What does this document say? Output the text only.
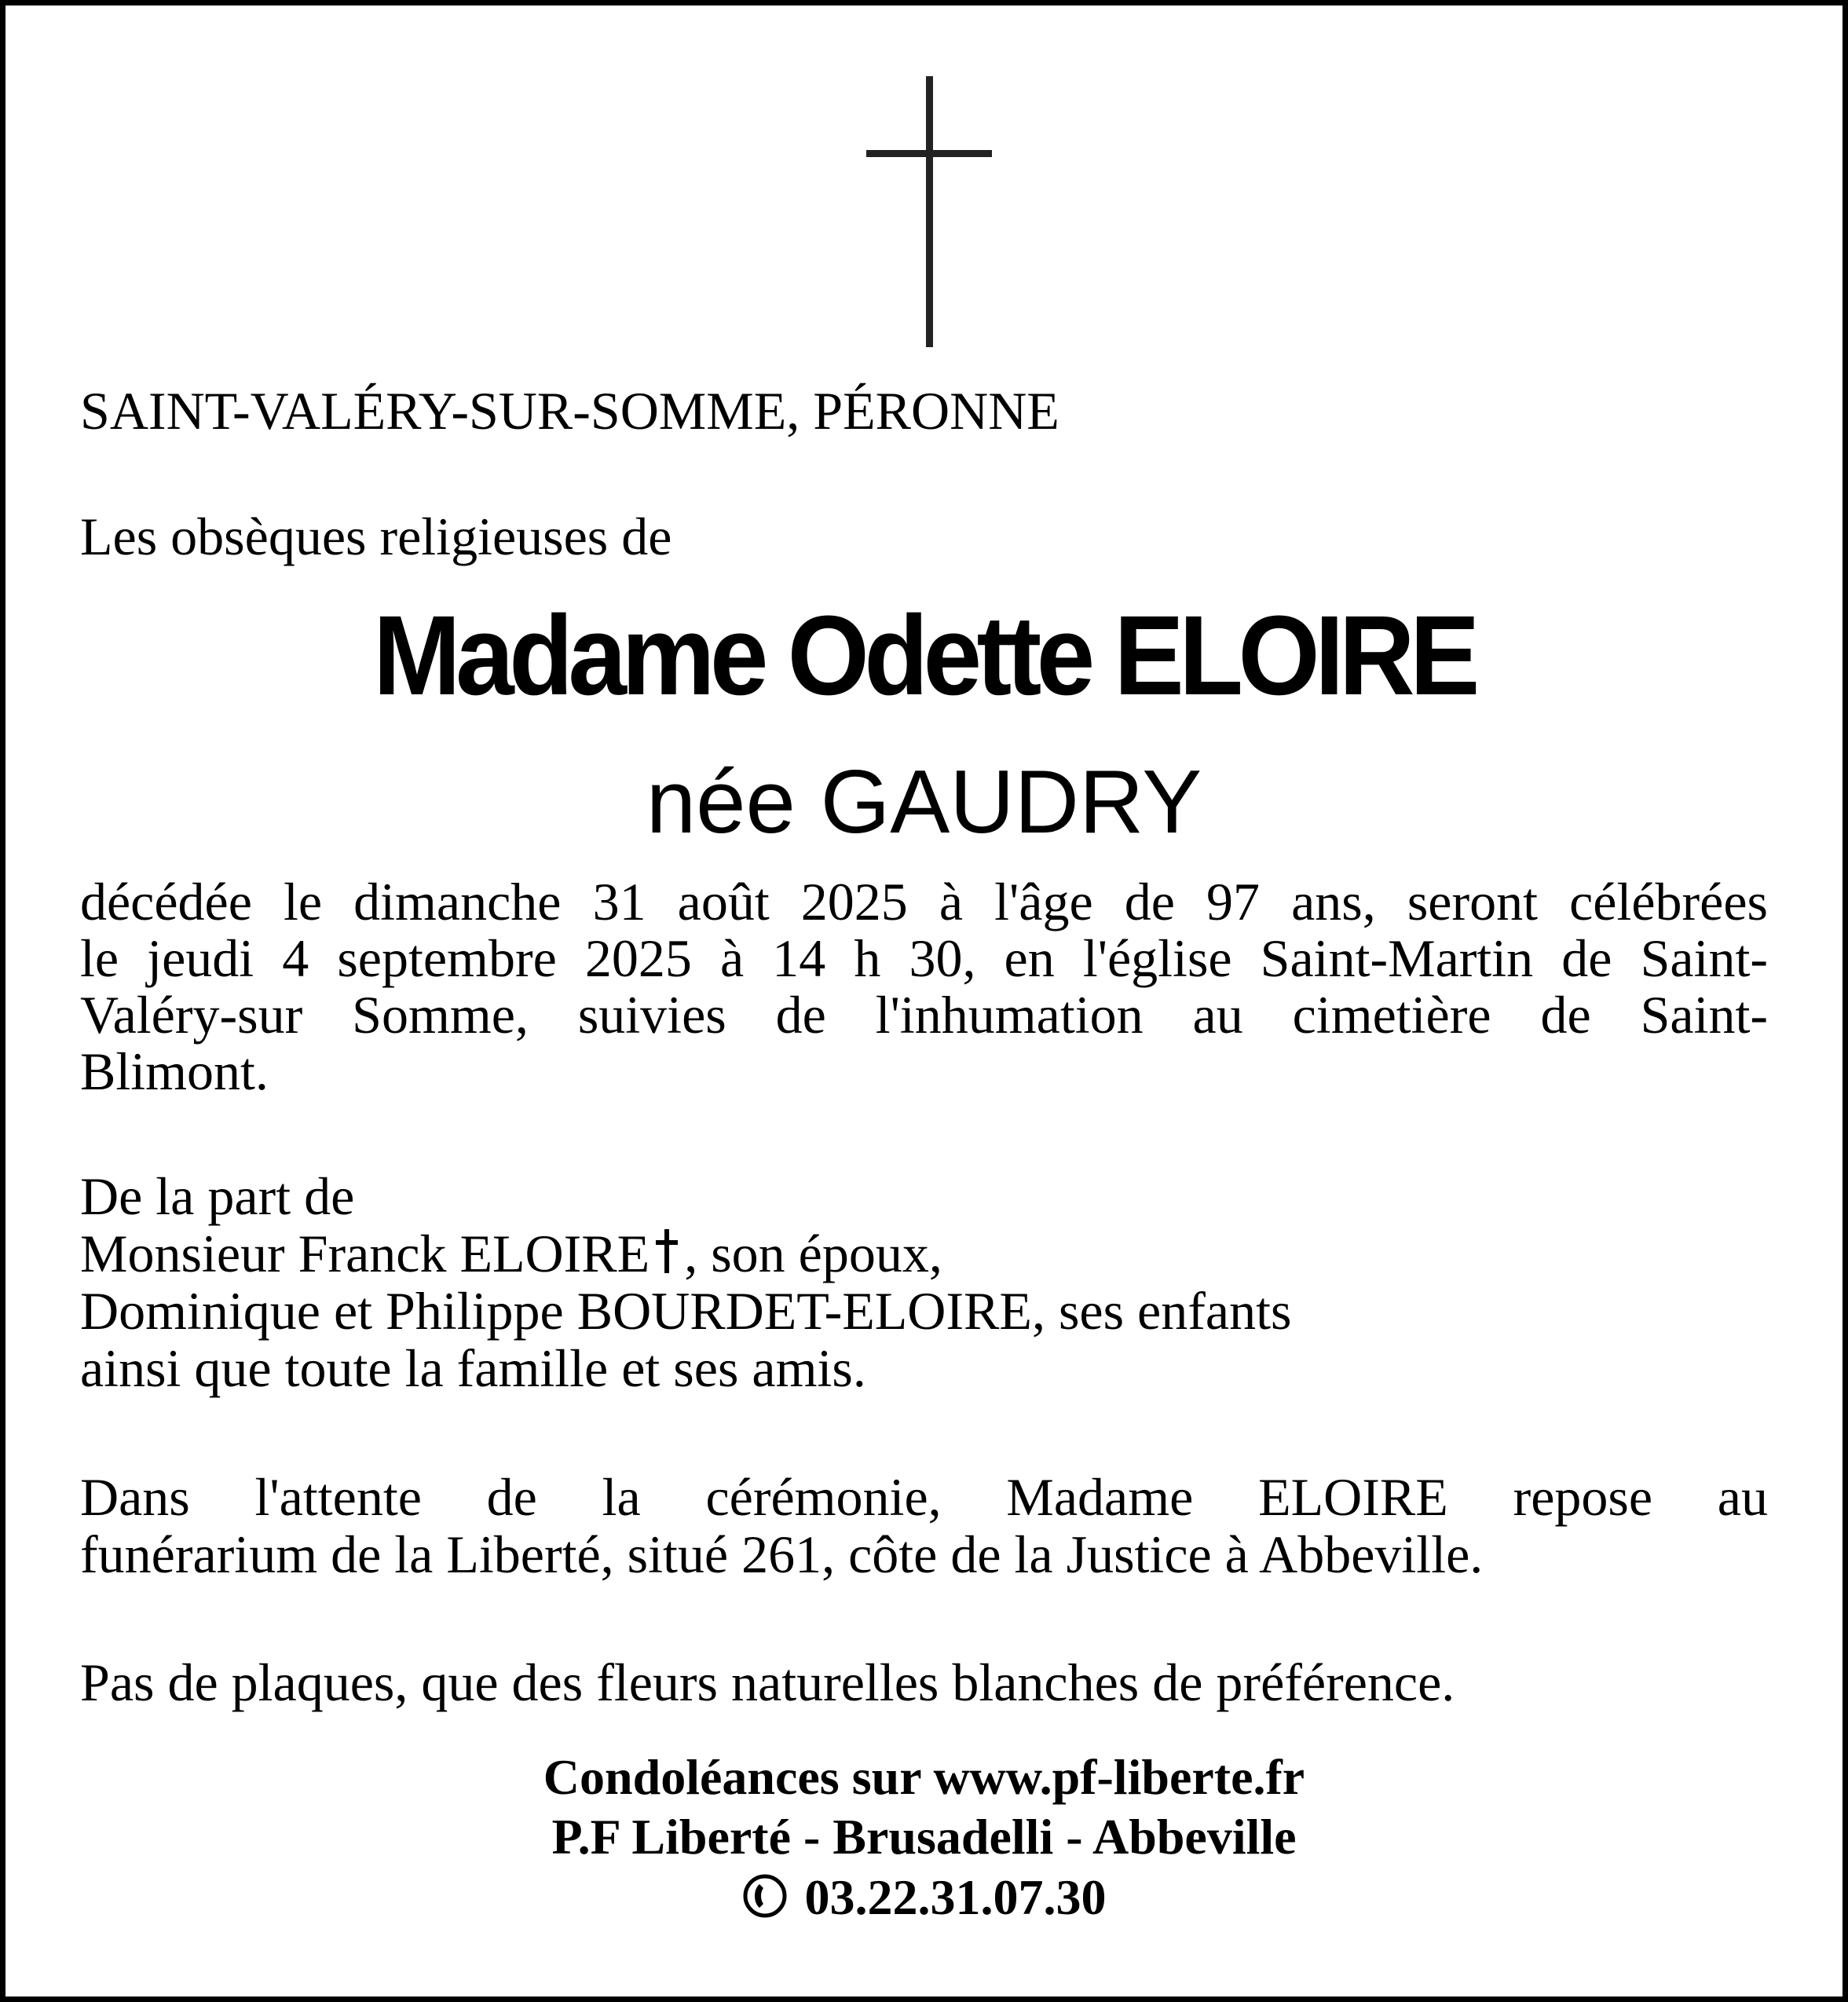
SAINT-VALÉRY-SUR-SOMME, PÉRONNE
Les obsèques religieuses de
Madame Odette ELOIRE
née GAUDRY
décédée le dimanche 31 août 2025 à l'âge de 97 ans, seront célébrées
le jeudi 4 septembre 2025 à 14 h 30, en l'église Saint-Martin de Saint-
Valéry-sur Somme, suivies de l'inhumation au cimetière de Saint-
Blimont.
De la part de
Monsieur Franck ELOIRE , son époux,
Dominique et Philippe BOURDET-ELOIRE, ses enfants
ainsi que toute la famille et ses amis.
Dans l'attente de la cérémonie, Madame ELOIRE repose au
funérarium de la Liberté, situé 261, côte de la Justice à Abbeville.
Pas de plaques, que des fleurs naturelles blanches de préférence.
Condoléances sur www.pf-liberte.fr
P.F Liberté - Brusadelli - Abbeville
03.22.31.07.30
